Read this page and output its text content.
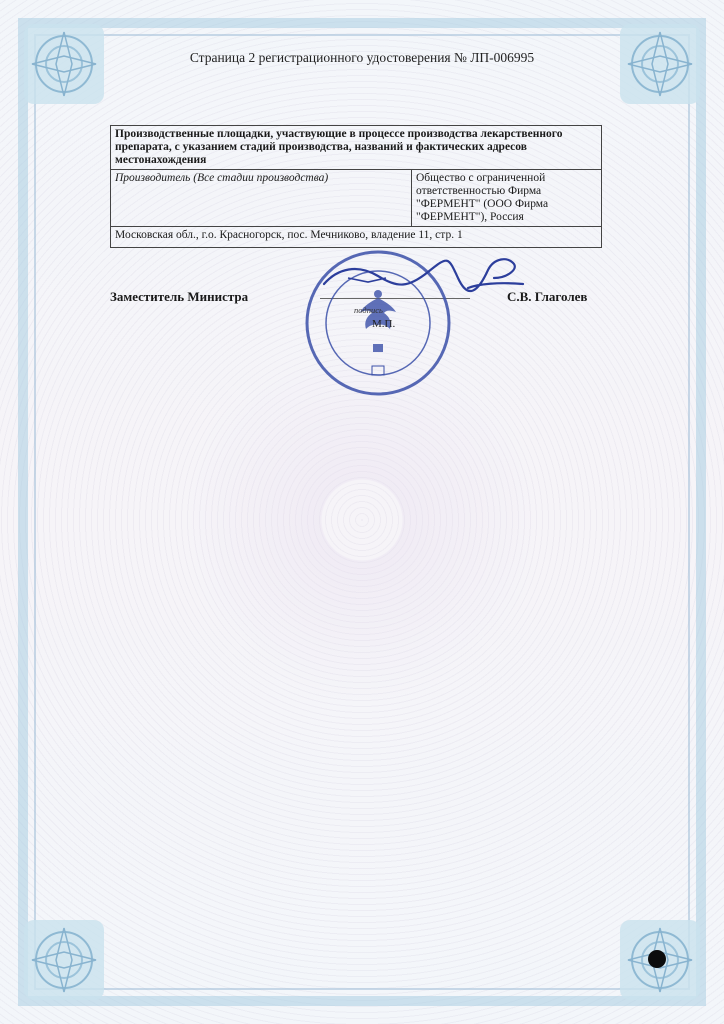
Страница 2 регистрационного удостоверения № ЛП-006995
Производственные площадки, участвующие в процессе производства лекарственного препарата, с указанием стадий производства, названий и фактических адресов местонахождения
Производитель (Все стадии производства)	Общество с ограниченной ответственностью Фирма "ФЕРМЕНТ" (ООО Фирма "ФЕРМЕНТ"), Россия
Московская обл., г.о. Красногорск, пос. Мечниково, владение 11, стр. 1
Заместитель Министра
подпись
М.П.
С.В. Глаголев
